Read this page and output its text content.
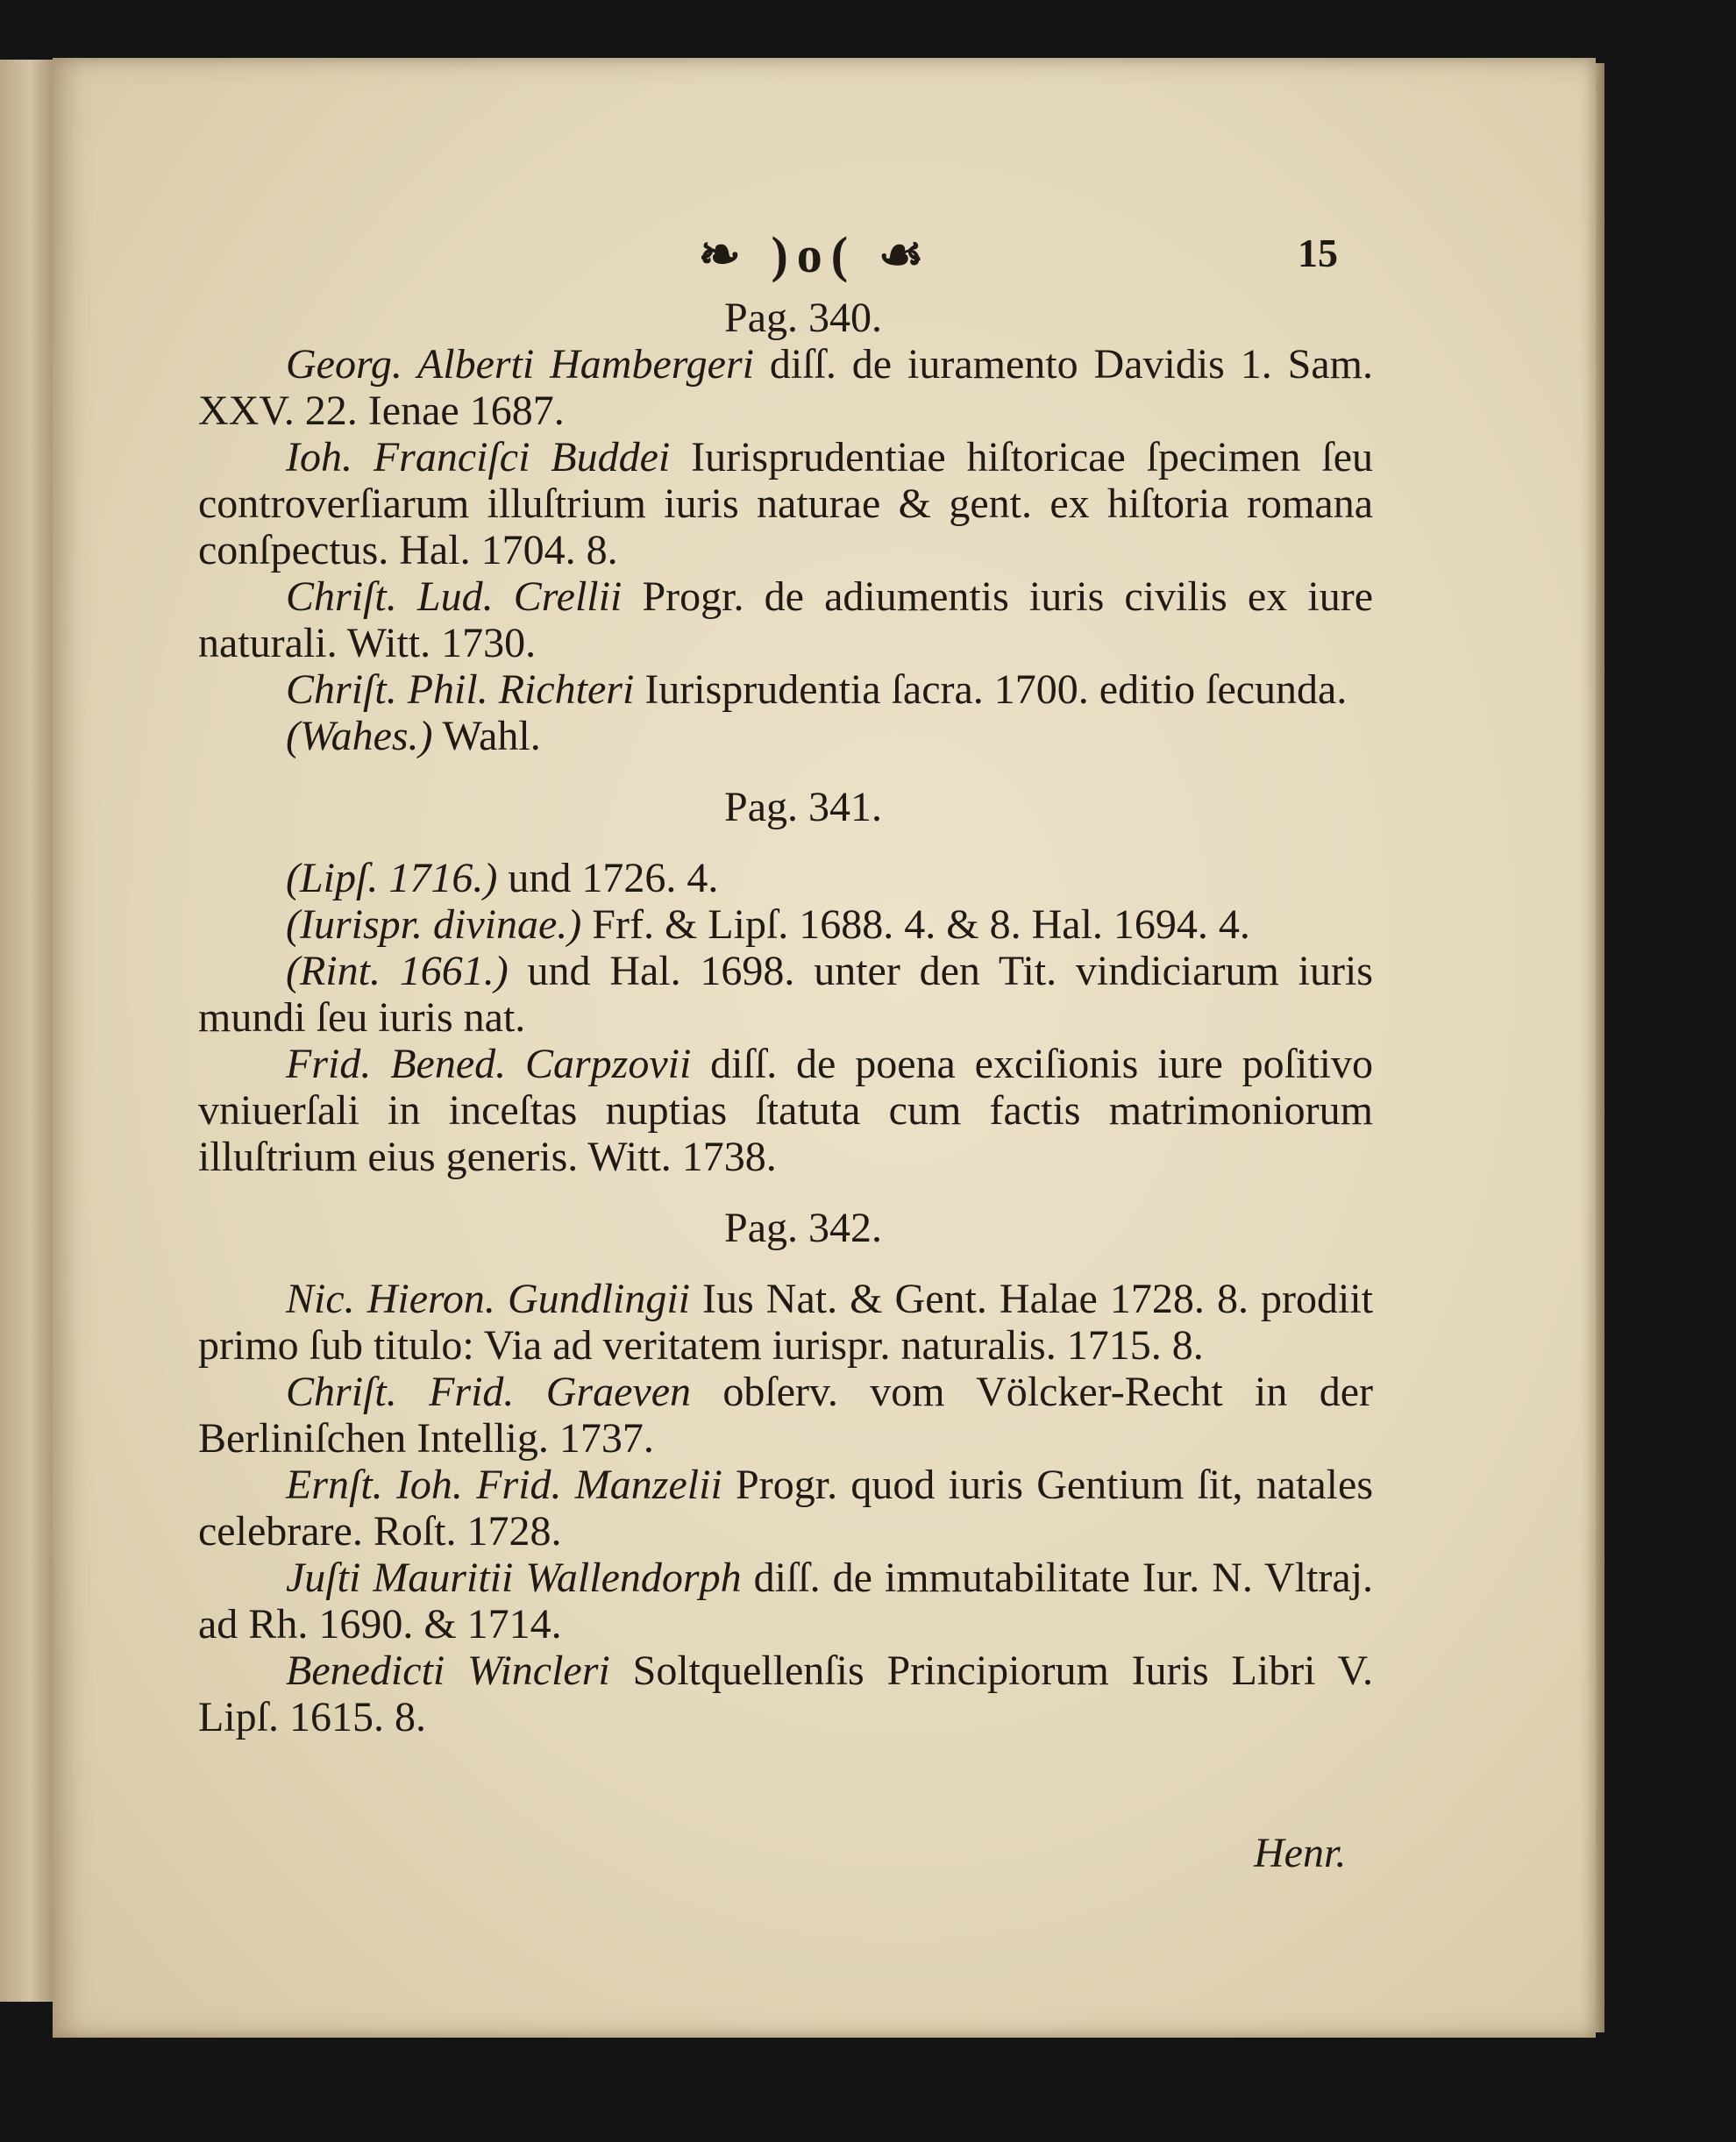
❧ )o( ☙	15

Pag. 340.

Georg. Alberti Hambergeri diſſ. de iuramento Davidis 1. Sam. XXV. 22. Ienae 1687.

Ioh. Franciſci Buddei Iurisprudentiae hiſtoricae ſpecimen ſeu controverſiarum illuſtrium iuris naturae & gent. ex hiſtoria romana conſpectus. Hal. 1704. 8.

Chriſt. Lud. Crellii Progr. de adiumentis iuris civilis ex iure naturali. Witt. 1730.

Chriſt. Phil. Richteri Iurisprudentia ſacra. 1700. editio ſecunda.

(Wahes.) Wahl.

Pag. 341.

(Lipſ. 1716.) und 1726. 4.

(Iurispr. divinae.) Frf. & Lipſ. 1688. 4. & 8. Hal. 1694. 4.

(Rint. 1661.) und Hal. 1698. unter den Tit. vindiciarum iuris mundi ſeu iuris nat.

Frid. Bened. Carpzovii diſſ. de poena exciſionis iure poſitivo vniuerſali in inceſtas nuptias ſtatuta cum factis matrimoniorum illuſtrium eius generis. Witt. 1738.

Pag. 342.

Nic. Hieron. Gundlingii Ius Nat. & Gent. Halae 1728. 8. prodiit primo ſub titulo: Via ad veritatem iurispr. naturalis. 1715. 8.

Chriſt. Frid. Graeven obſerv. vom Völcker-Recht in der Berliniſchen Intellig. 1737.

Ernſt. Ioh. Frid. Manzelii Progr. quod iuris Gentium ſit, natales celebrare. Roſt. 1728.

Juſti Mauritii Wallendorph diſſ. de immutabilitate Iur. N. Vltraj. ad Rh. 1690. & 1714.

Benedicti Wincleri Soltquellenſis Principiorum Iuris Libri V. Lipſ. 1615. 8.

Henr.
